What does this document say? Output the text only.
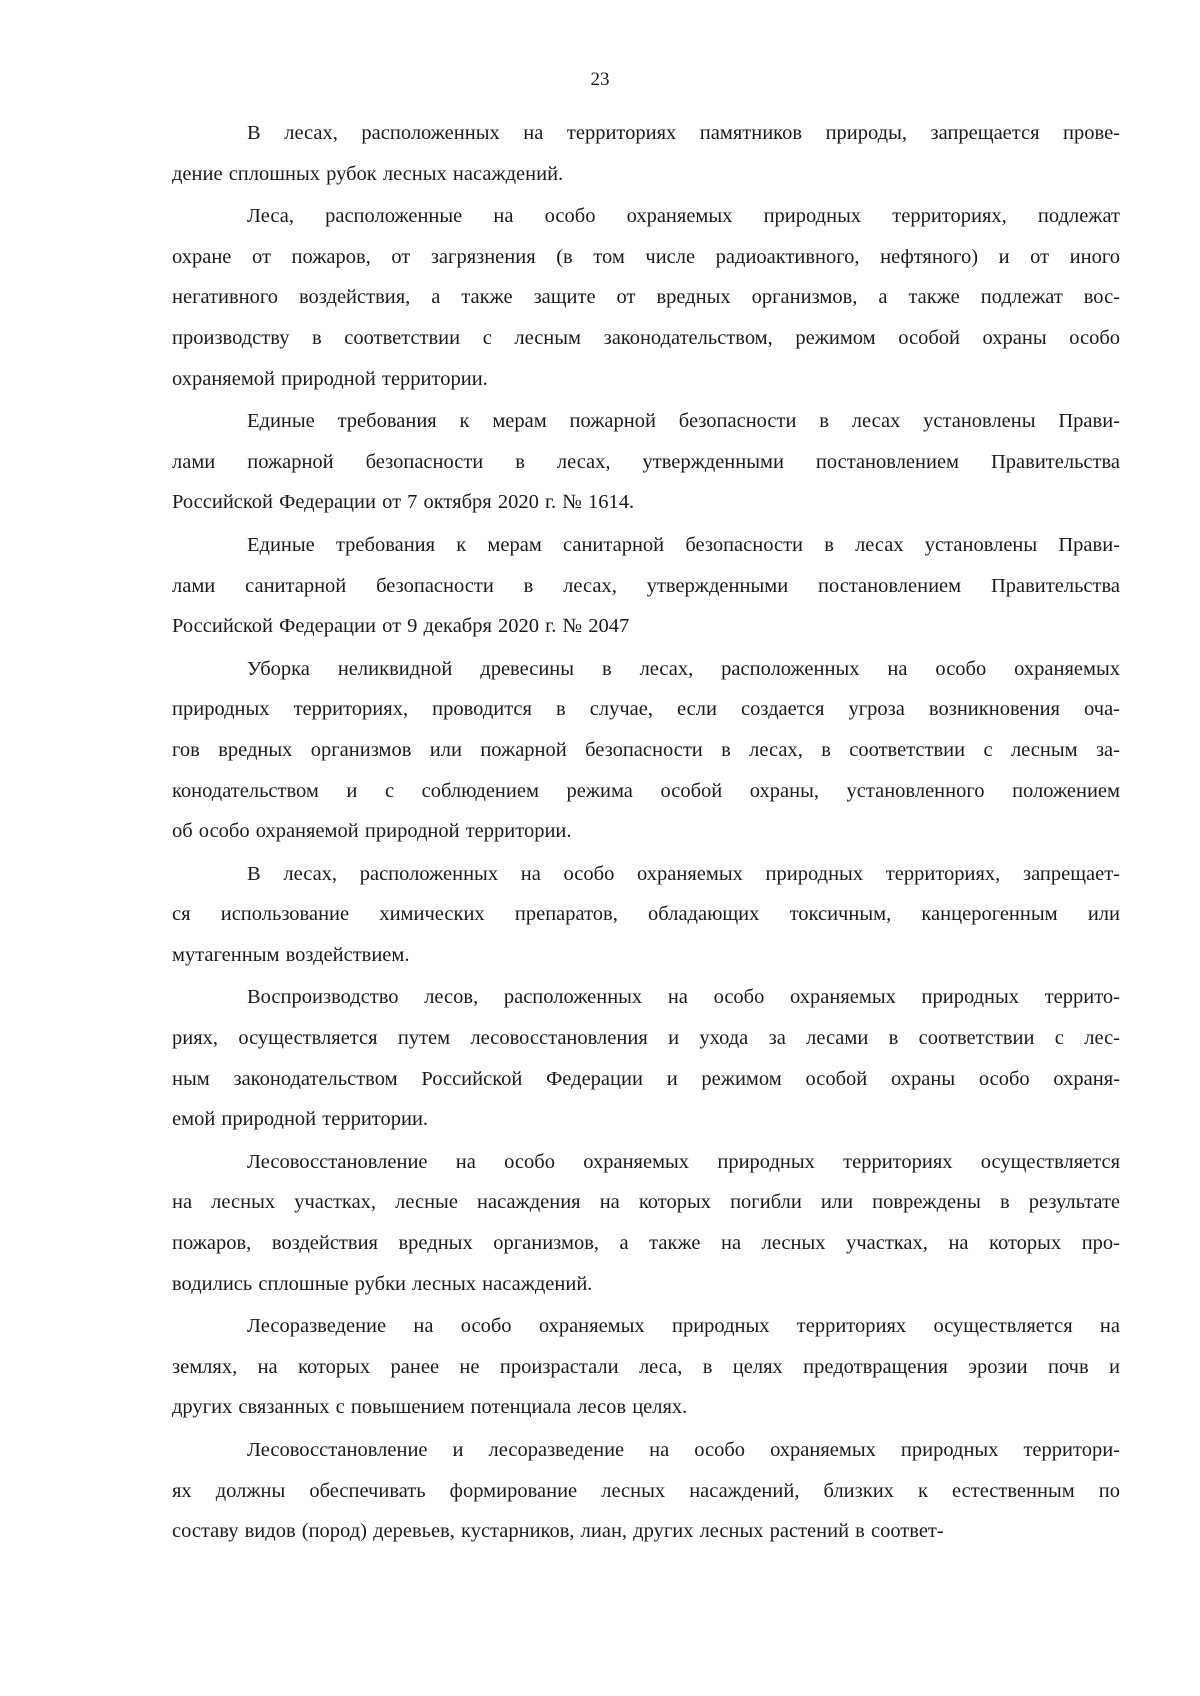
23
В лесах, расположенных на территориях памятников природы, запрещается прове-
дение сплошных рубок лесных насаждений.
Леса, расположенные на особо охраняемых природных территориях, подлежат
охране от пожаров, от загрязнения (в том числе радиоактивного, нефтяного) и от иного
негативного воздействия, а также защите от вредных организмов, а также подлежат вос-
производству в соответствии с лесным законодательством, режимом особой охраны особо
охраняемой природной территории.
Единые требования к мерам пожарной безопасности в лесах установлены Прави-
лами пожарной безопасности в лесах, утвержденными постановлением Правительства
Российской Федерации от 7 октября 2020 г. № 1614.
Единые требования к мерам санитарной безопасности в лесах установлены Прави-
лами санитарной безопасности в лесах, утвержденными постановлением Правительства
Российской Федерации от 9 декабря 2020 г. № 2047
Уборка неликвидной древесины в лесах, расположенных на особо охраняемых
природных территориях, проводится в случае, если создается угроза возникновения оча-
гов вредных организмов или пожарной безопасности в лесах, в соответствии с лесным за-
конодательством и с соблюдением режима особой охраны, установленного положением
об особо охраняемой природной территории.
В лесах, расположенных на особо охраняемых природных территориях, запрещает-
ся использование химических препаратов, обладающих токсичным, канцерогенным или
мутагенным воздействием.
Воспроизводство лесов, расположенных на особо охраняемых природных террито-
риях, осуществляется путем лесовосстановления и ухода за лесами в соответствии с лес-
ным законодательством Российской Федерации и режимом особой охраны особо охраня-
емой природной территории.
Лесовосстановление на особо охраняемых природных территориях осуществляется
на лесных участках, лесные насаждения на которых погибли или повреждены в результате
пожаров, воздействия вредных организмов, а также на лесных участках, на которых про-
водились сплошные рубки лесных насаждений.
Лесоразведение на особо охраняемых природных территориях осуществляется на
землях, на которых ранее не произрастали леса, в целях предотвращения эрозии почв и
других связанных с повышением потенциала лесов целях.
Лесовосстановление и лесоразведение на особо охраняемых природных территори-
ях должны обеспечивать формирование лесных насаждений, близких к естественным по
составу видов (пород) деревьев, кустарников, лиан, других лесных растений в соответ-
